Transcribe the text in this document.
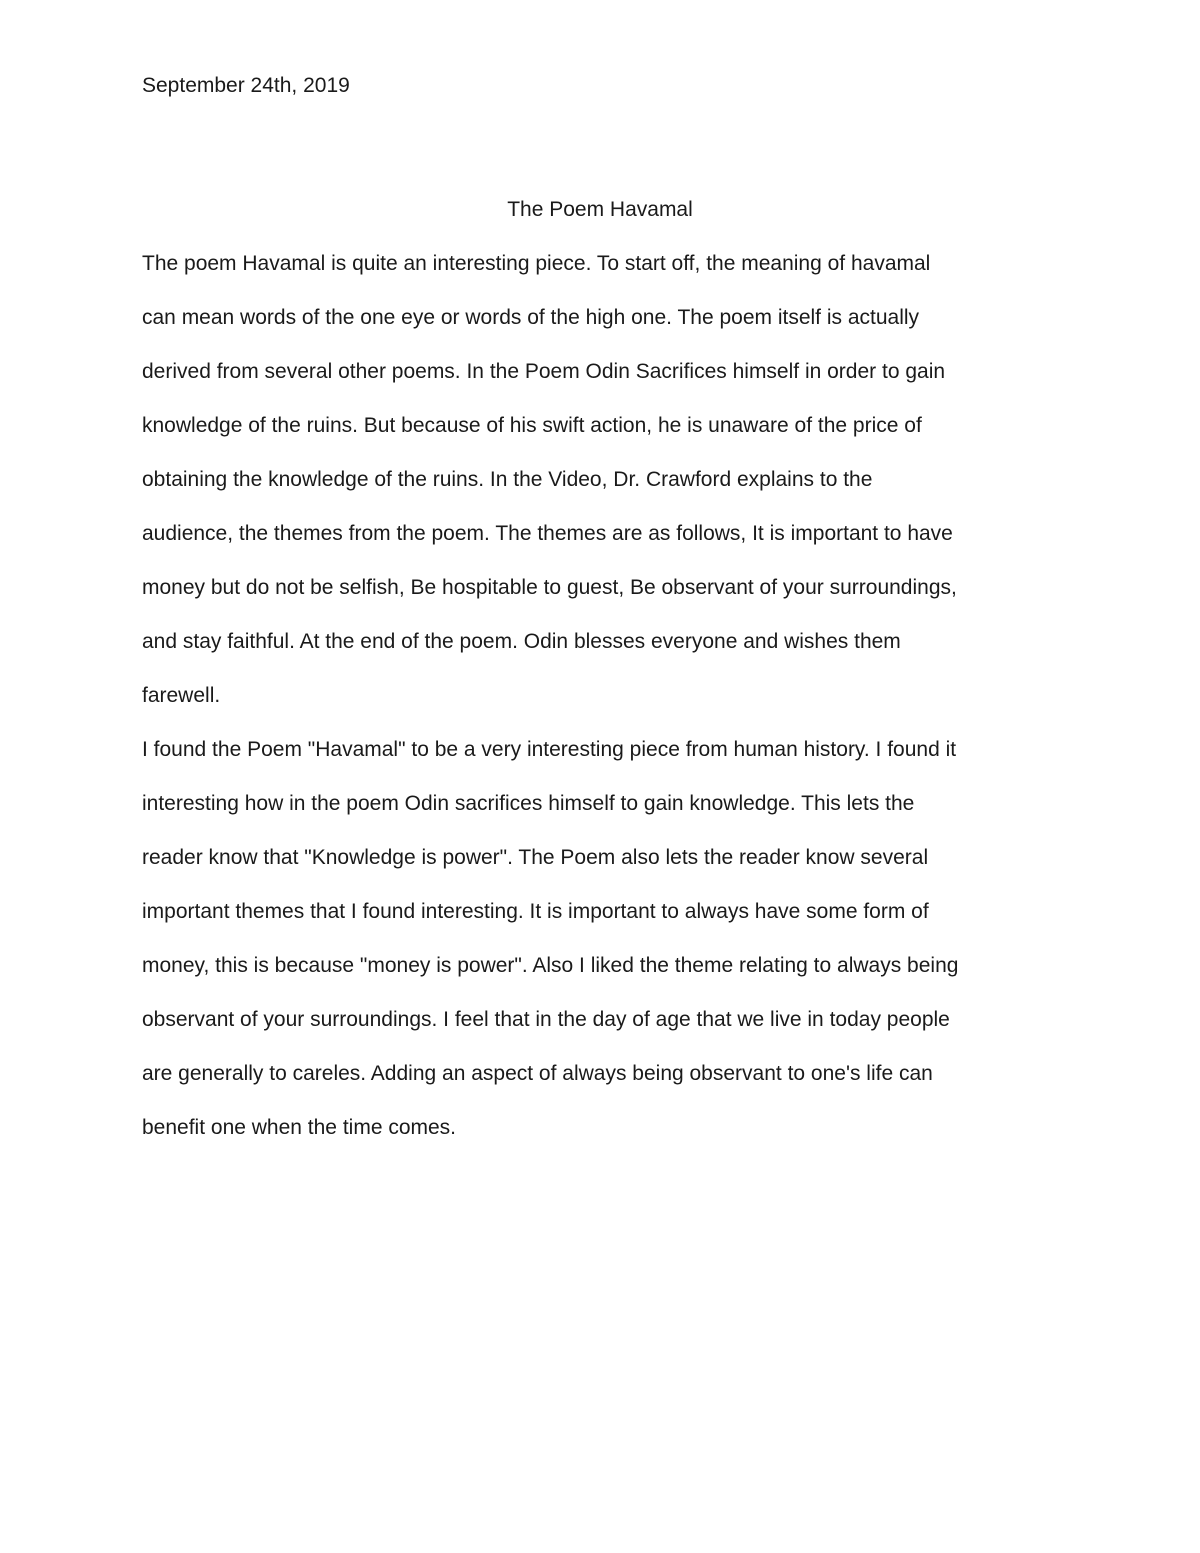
September 24th, 2019
The Poem Havamal
The poem Havamal is quite an interesting piece. To start off, the meaning of havamal
can mean words of the one eye or words of the high one. The poem itself is actually
derived from several other poems. In the Poem Odin Sacrifices himself in order to gain
knowledge of the ruins. But because of his swift action, he is unaware of the price of
obtaining the knowledge of the ruins. In the Video, Dr. Crawford explains to the
audience, the themes from the poem. The themes are as follows, It is important to have
money but do not be selfish, Be hospitable to guest, Be observant of your surroundings,
and stay faithful. At the end of the poem. Odin blesses everyone and wishes them
farewell.
I found the Poem "Havamal" to be a very interesting piece from human history. I found it
interesting how in the poem Odin sacrifices himself to gain knowledge. This lets the
reader know that "Knowledge is power". The Poem also lets the reader know several
important themes that I found interesting. It is important to always have some form of
money, this is because "money is power". Also I liked the theme relating to always being
observant of your surroundings. I feel that in the day of age that we live in today people
are generally to careles. Adding an aspect of always being observant to one's life can
benefit one when the time comes.
